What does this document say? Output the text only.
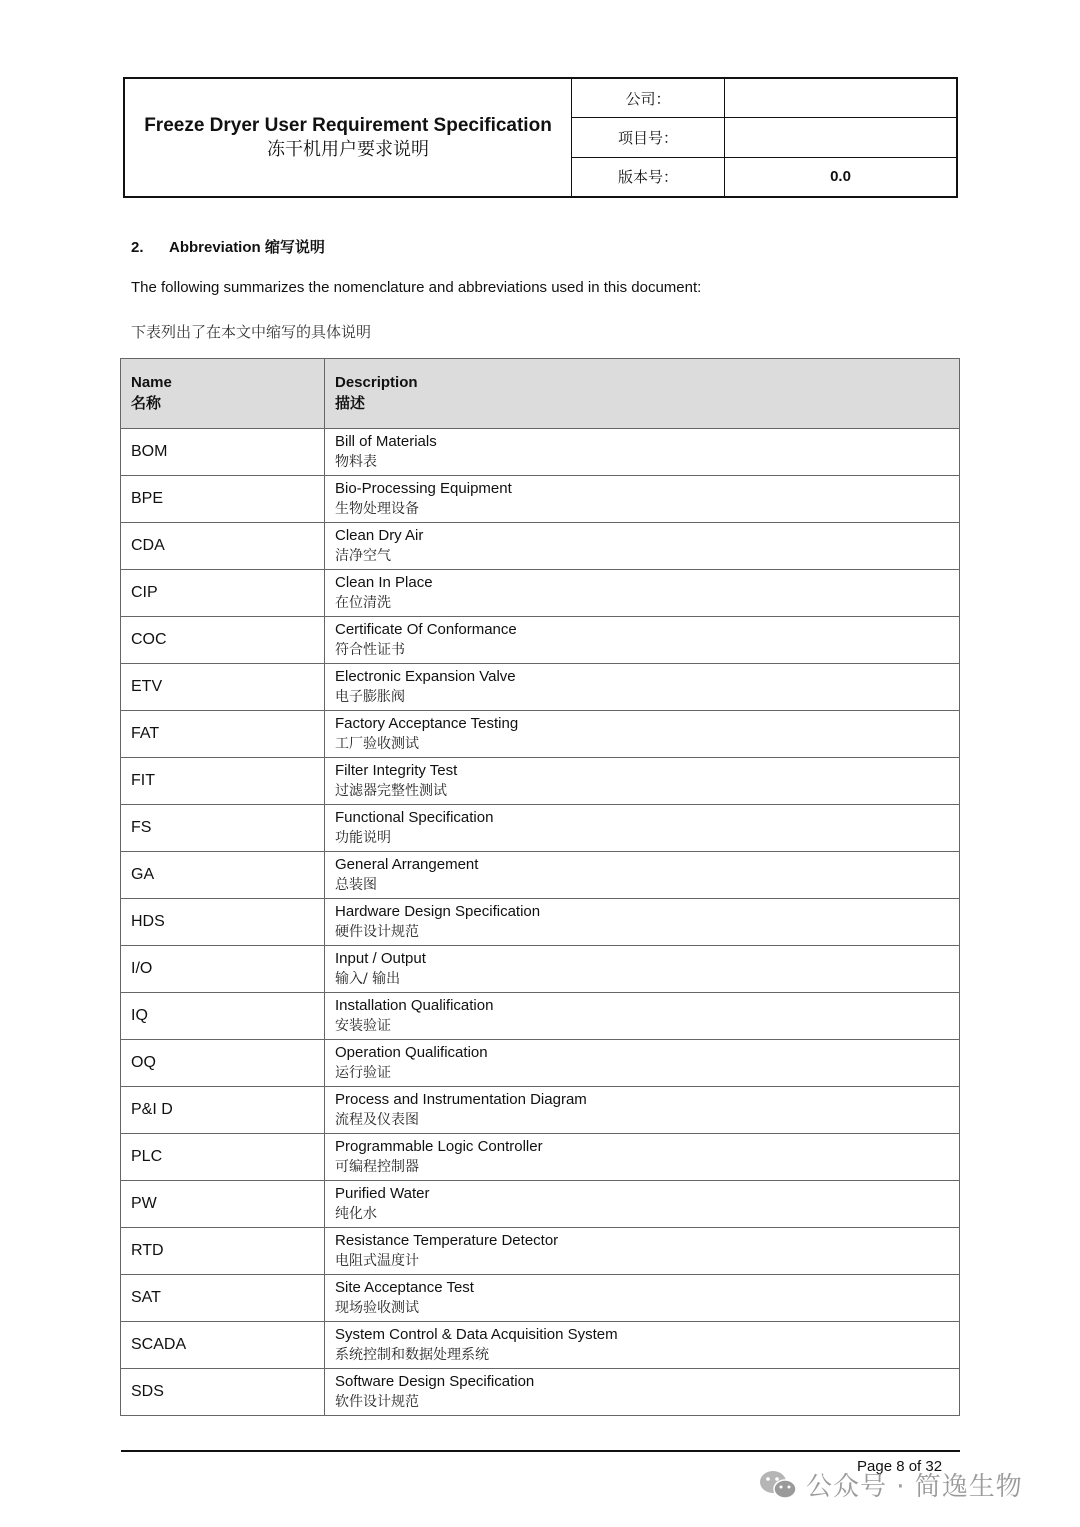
Freeze Dryer User Requirement Specification
冻干机用户要求说明
公司：
项目号：
版本号：	0.0
2. Abbreviation 缩写说明
The following summarizes the nomenclature and abbreviations used in this document:
下表列出了在本文中缩写的具体说明
Name
名称
Description
描述
BOM
Bill of Materials
物料表
BPE
Bio-Processing Equipment
生物处理设备
CDA
Clean Dry Air
洁净空气
CIP
Clean In Place
在位清洗
COC
Certificate Of Conformance
符合性证书
ETV
Electronic Expansion Valve
电子膨胀阀
FAT
Factory Acceptance Testing
工厂验收测试
FIT
Filter Integrity Test
过滤器完整性测试
FS
Functional Specification
功能说明
GA
General Arrangement
总装图
HDS
Hardware Design Specification
硬件设计规范
I/O
Input / Output
输入/ 输出
IQ
Installation Qualification
安装验证
OQ
Operation Qualification
运行验证
P&I D
Process and Instrumentation Diagram
流程及仪表图
PLC
Programmable Logic Controller
可编程控制器
PW
Purified Water
纯化水
RTD
Resistance Temperature Detector
电阻式温度计
SAT
Site Acceptance Test
现场验收测试
SCADA
System Control & Data Acquisition System
系统控制和数据处理系统
SDS
Software Design Specification
软件设计规范
Page 8 of 32
公众号 · 简逸生物
